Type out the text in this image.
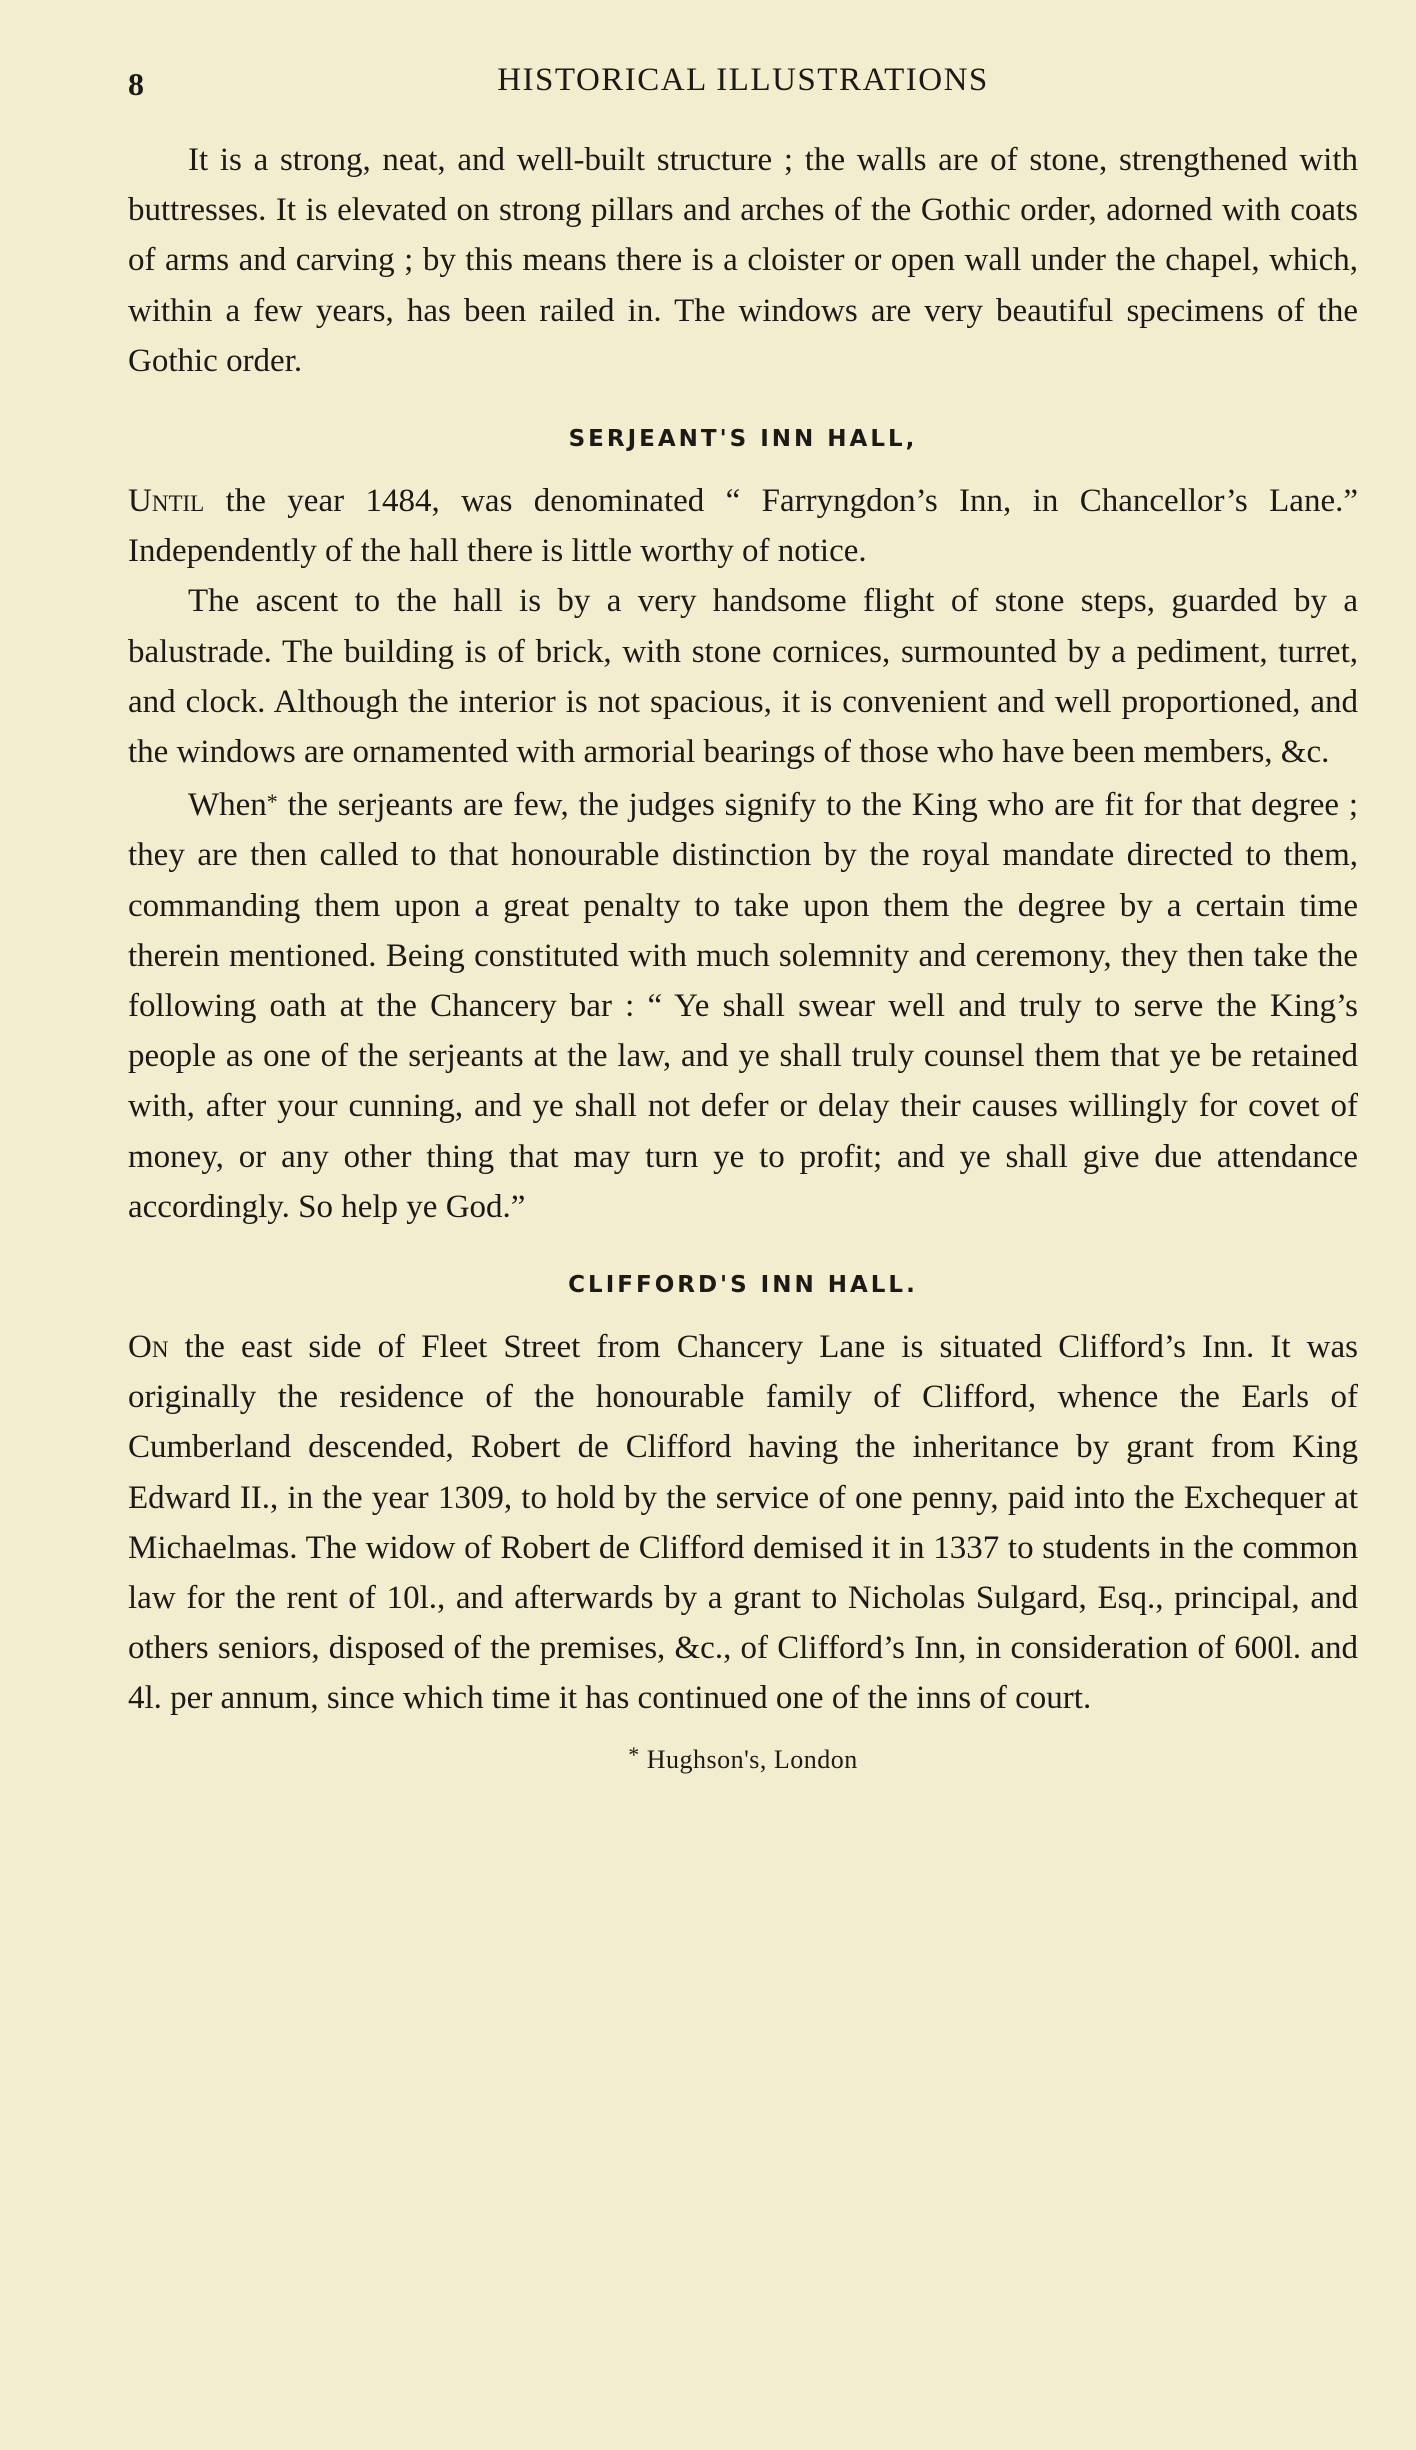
8	HISTORICAL ILLUSTRATIONS

It is a strong, neat, and well-built structure ; the walls are of stone, strengthened with buttresses. It is elevated on strong pillars and arches of the Gothic order, adorned with coats of arms and carving ; by this means there is a cloister or open wall under the chapel, which, within a few years, has been railed in. The windows are very beautiful specimens of the Gothic order.

SERJEANT'S INN HALL,

Until the year 1484, was denominated “ Farryngdon’s Inn, in Chancellor’s Lane.” Independently of the hall there is little worthy of notice.

The ascent to the hall is by a very handsome flight of stone steps, guarded by a balustrade. The building is of brick, with stone cornices, surmounted by a pediment, turret, and clock. Although the interior is not spacious, it is convenient and well proportioned, and the windows are ornamented with armorial bearings of those who have been members, &c.

When* the serjeants are few, the judges signify to the King who are fit for that degree ; they are then called to that honourable distinction by the royal mandate directed to them, commanding them upon a great penalty to take upon them the degree by a certain time therein mentioned. Being constituted with much solemnity and ceremony, they then take the following oath at the Chancery bar : “ Ye shall swear well and truly to serve the King’s people as one of the serjeants at the law, and ye shall truly counsel them that ye be retained with, after your cunning, and ye shall not defer or delay their causes willingly for covet of money, or any other thing that may turn ye to profit; and ye shall give due attendance accordingly. So help ye God.”

CLIFFORD'S INN HALL.

On the east side of Fleet Street from Chancery Lane is situated Clifford’s Inn. It was originally the residence of the honourable family of Clifford, whence the Earls of Cumberland descended, Robert de Clifford having the inheritance by grant from King Edward II., in the year 1309, to hold by the service of one penny, paid into the Exchequer at Michaelmas. The widow of Robert de Clifford demised it in 1337 to students in the common law for the rent of 10l., and afterwards by a grant to Nicholas Sulgard, Esq., principal, and others seniors, disposed of the premises, &c., of Clifford’s Inn, in consideration of 600l. and 4l. per annum, since which time it has continued one of the inns of court.

* Hughson's, London
